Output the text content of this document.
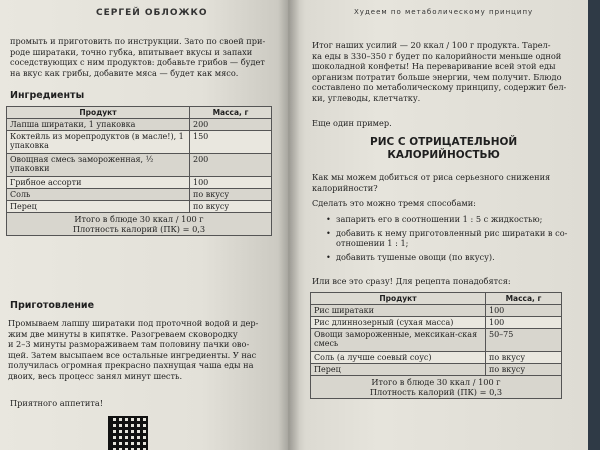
СЕРГЕЙ ОБЛОЖКО

промыть и приготовить по инструкции. Зато по своей при-
роде ширатаки, точно губка, впитывает вкусы и запахи
соседствующих с ним продуктов: добавьте грибов — будет
на вкус как грибы, добавите мяса — будет как мясо.

Ингредиенты
Продукт	Масса, г
Лапша ширатаки, 1 упаковка	200
Коктейль из морепродуктов (в масле!), 1 упаковка	150
Овощная смесь замороженная, ½ упаковки	200
Грибное ассорти	100
Соль	по вкусу
Перец	по вкусу
Итого в блюде 30 ккал / 100 г
Плотность калорий (ПК) = 0,3	
Приготовление

Промываем лапшу ширатаки под проточной водой и дер-
жим две минуты в кипятке. Разогреваем сковородку
и 2–3 минуты размораживаем там половину пачки ово-
щей. Затем высыпаем все остальные ингредиенты. У нас
получилась огромная прекрасно пахнущая чаша еды на
двоих, весь процесс занял минут шесть.

Приятного аппетита!

Худеем по метаболическому принципу

Итог наших усилий — 20 ккал / 100 г продукта. Тарел-
ка еды в 330–350 г будет по калорийности меньше одной
шоколадной конфеты! На переваривание всей этой еды
организм потратит больше энергии, чем получит. Блюдо
составлено по метаболическому принципу, содержит бел-
ки, углеводы, клетчатку.

Еще один пример.

РИС С ОТРИЦАТЕЛЬНОЙ
КАЛОРИЙНОСТЬЮ

Как мы можем добиться от риса серьезного снижения
калорийности?

Сделать это можно тремя способами:

• запарить его в соотношении 1 : 5 с жидкостью;
• добавить к нему приготовленный рис ширатаки в со-отношении 1 : 1;
• добавить тушеные овощи (по вкусу).

Или все это сразу! Для рецепта понадобятся:

Продукт	Масса, г
Рис ширатаки	100
Рис длиннозерный (сухая масса)	100
Овощи замороженные, мексикан-ская смесь	50–75
Соль (а лучше соевый соус)	по вкусу
Перец	по вкусу
Итого в блюде 30 ккал / 100 г
Плотность калорий (ПК) = 0,3	
